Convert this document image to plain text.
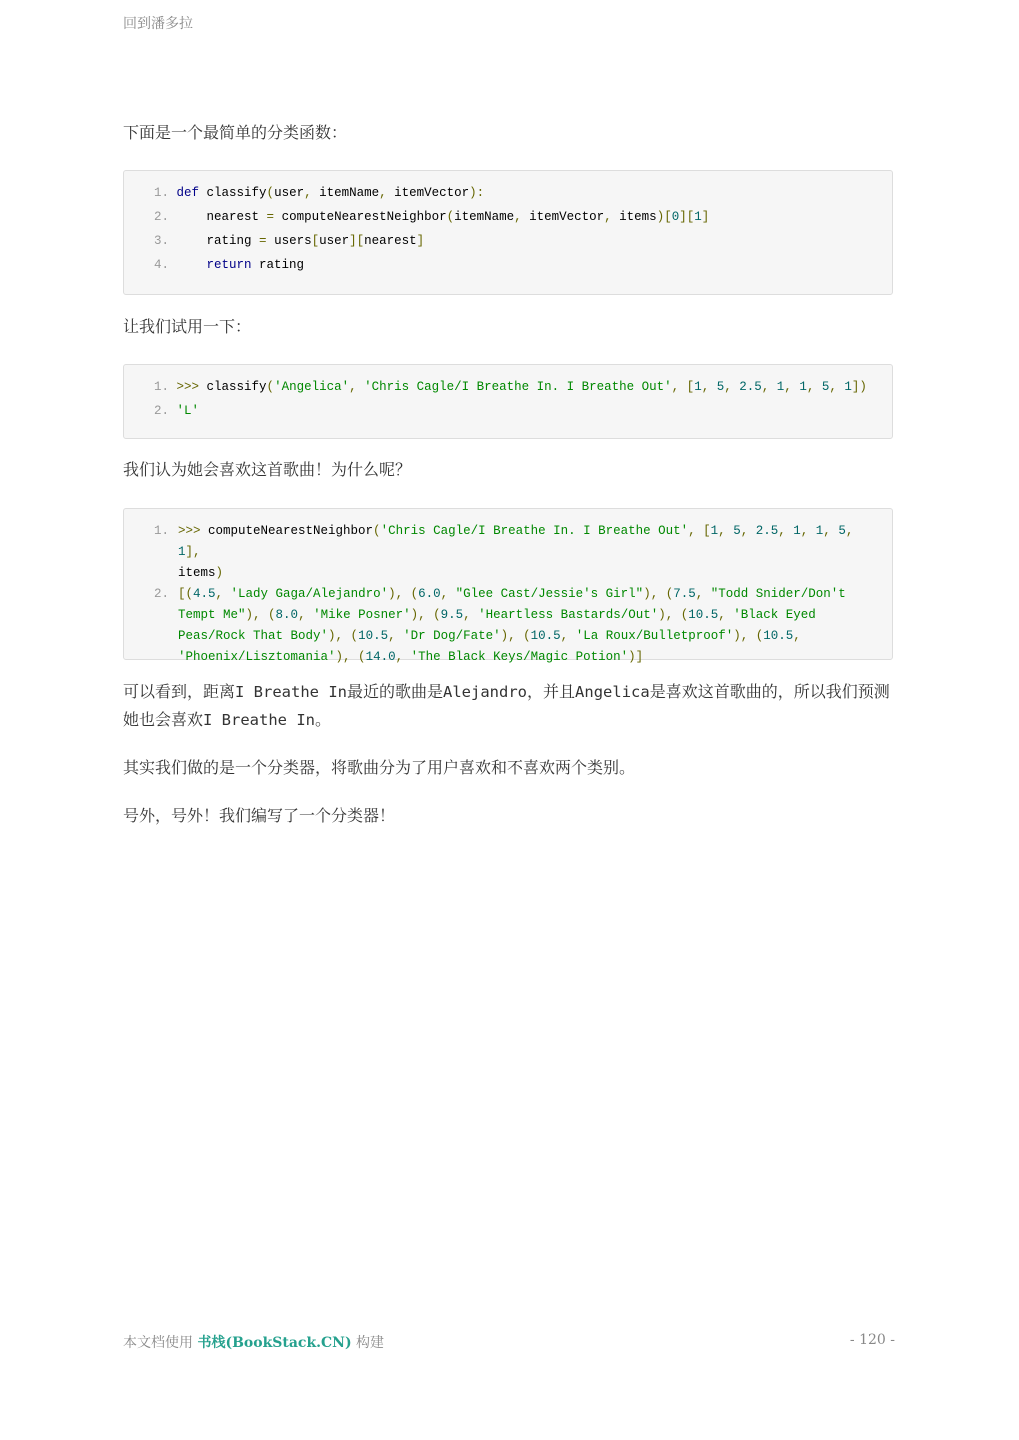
回到潘多拉

下面是一个最简单的分类函数：

1. def classify(user, itemName, itemVector):
2.	nearest = computeNearestNeighbor(itemName, itemVector, items)[0][1]
3.	rating = users[user][nearest]
4.	return rating

让我们试用一下：

1. >>> classify('Angelica', 'Chris Cagle/I Breathe In. I Breathe Out', [1, 5, 2.5, 1, 1, 5, 1])
2. 'L'

我们认为她会喜欢这首歌曲！为什么呢？

1. >>> computeNearestNeighbor('Chris Cagle/I Breathe In. I Breathe Out', [1, 5, 2.5, 1, 1, 5, 1],
items)
2. [(4.5, 'Lady Gaga/Alejandro'), (6.0, "Glee Cast/Jessie's Girl"), (7.5, "Todd Snider/Don't Tempt Me"), (8.0, 'Mike Posner'), (9.5, 'Heartless Bastards/Out'), (10.5, 'Black Eyed Peas/Rock That Body'), (10.5, 'Dr Dog/Fate'), (10.5, 'La Roux/Bulletproof'), (10.5, 'Phoenix/Lisztomania'), (14.0, 'The Black Keys/Magic Potion')]

可以看到，距离I Breathe In最近的歌曲是Alejandro，并且Angelica是喜欢这首歌曲的，所以我们预测她也会喜欢I Breathe In。

其实我们做的是一个分类器，将歌曲分为了用户喜欢和不喜欢两个类别。

号外，号外！我们编写了一个分类器！

本文档使用 书栈(BookStack.CN) 构建	- 120 -
